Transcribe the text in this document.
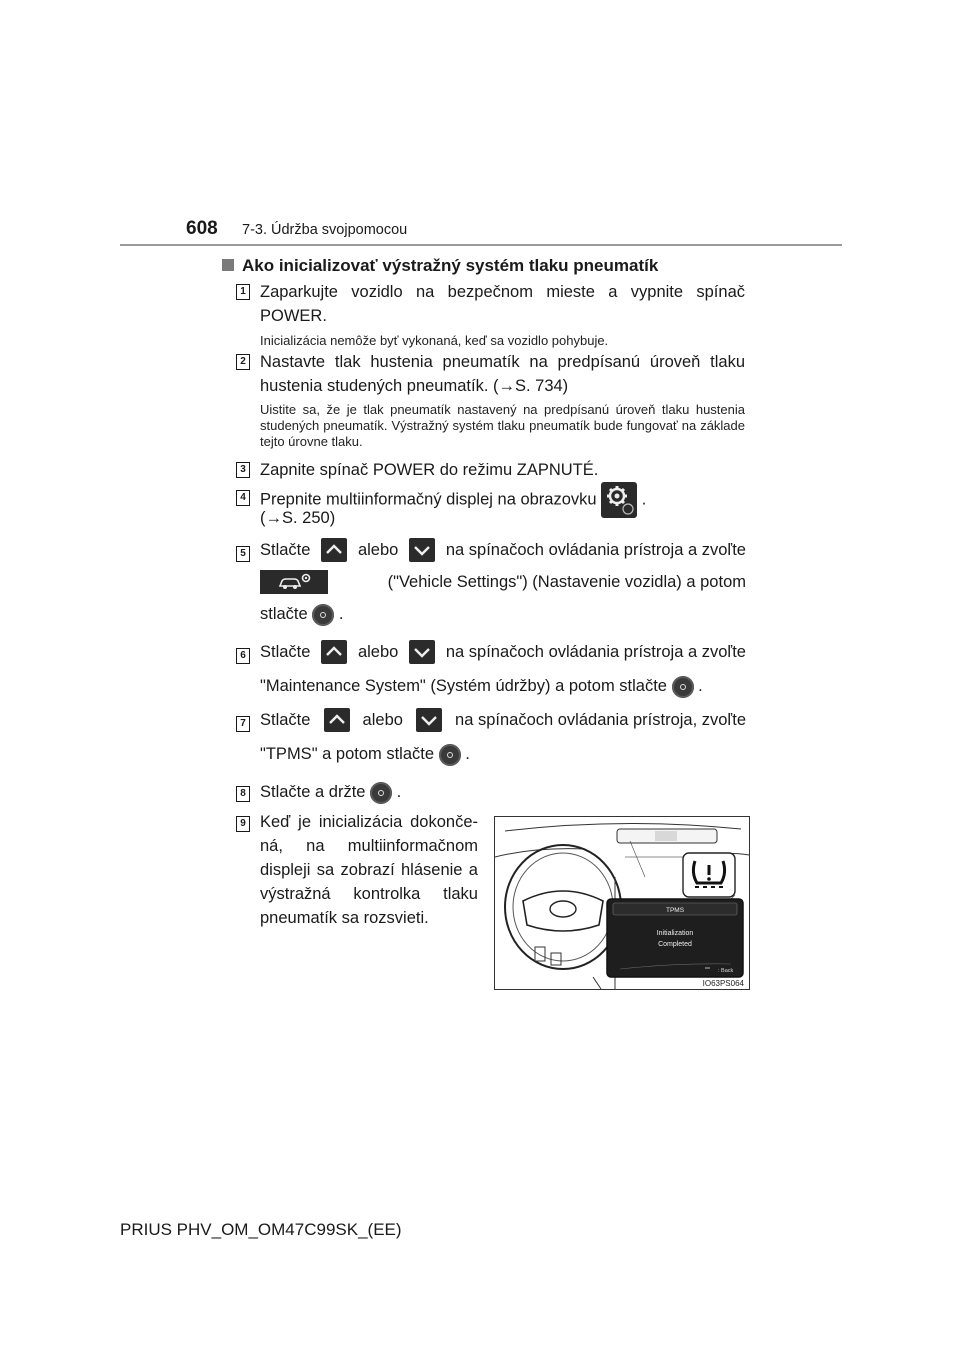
608 7-3. Údržba svojpomocou
Ako inicializovať výstražný systém tlaku pneumatík
1 Zaparkujte vozidlo na bezpečnom mieste a vypnite spínač POWER.
Inicializácia nemôže byť vykonaná, keď sa vozidlo pohybuje.
2 Nastavte tlak hustenia pneumatík na predpísanú úroveň tlaku hustenia studených pneumatík. (→S. 734)
Uistite sa, že je tlak pneumatík nastavený na predpísanú úroveň tlaku hustenia studených pneumatík. Výstražný systém tlaku pneumatík bude fungovať na základe tejto úrovne tlaku.
3 Zapnite spínač POWER do režimu ZAPNUTÉ.
4 Prepnite multiinformačný displej na obrazovku	.
(→S. 250)
5 Stlačte	alebo	na spínačoch ovládania prístroja a zvoľte
("Vehicle Settings") (Nastavenie vozidla) a potom
stlačte .
6 Stlačte	alebo	na spínačoch ovládania prístroja a zvoľte
"Maintenance System" (Systém údržby) a potom stlačte .
7 Stlačte	alebo	na spínačoch ovládania prístroja, zvoľte
"TPMS" a potom stlačte .
8 Stlačte a držte .
9 Keď je inicializácia dokonče-ná, na multiinformačnom displeji sa zobrazí hlásenie a výstražná kontrolka tlaku pneumatík sa rozsvieti.	TPMS
Initialization
Completed
: Back
IO63PS064
PRIUS PHV_OM_OM47C99SK_(EE)
